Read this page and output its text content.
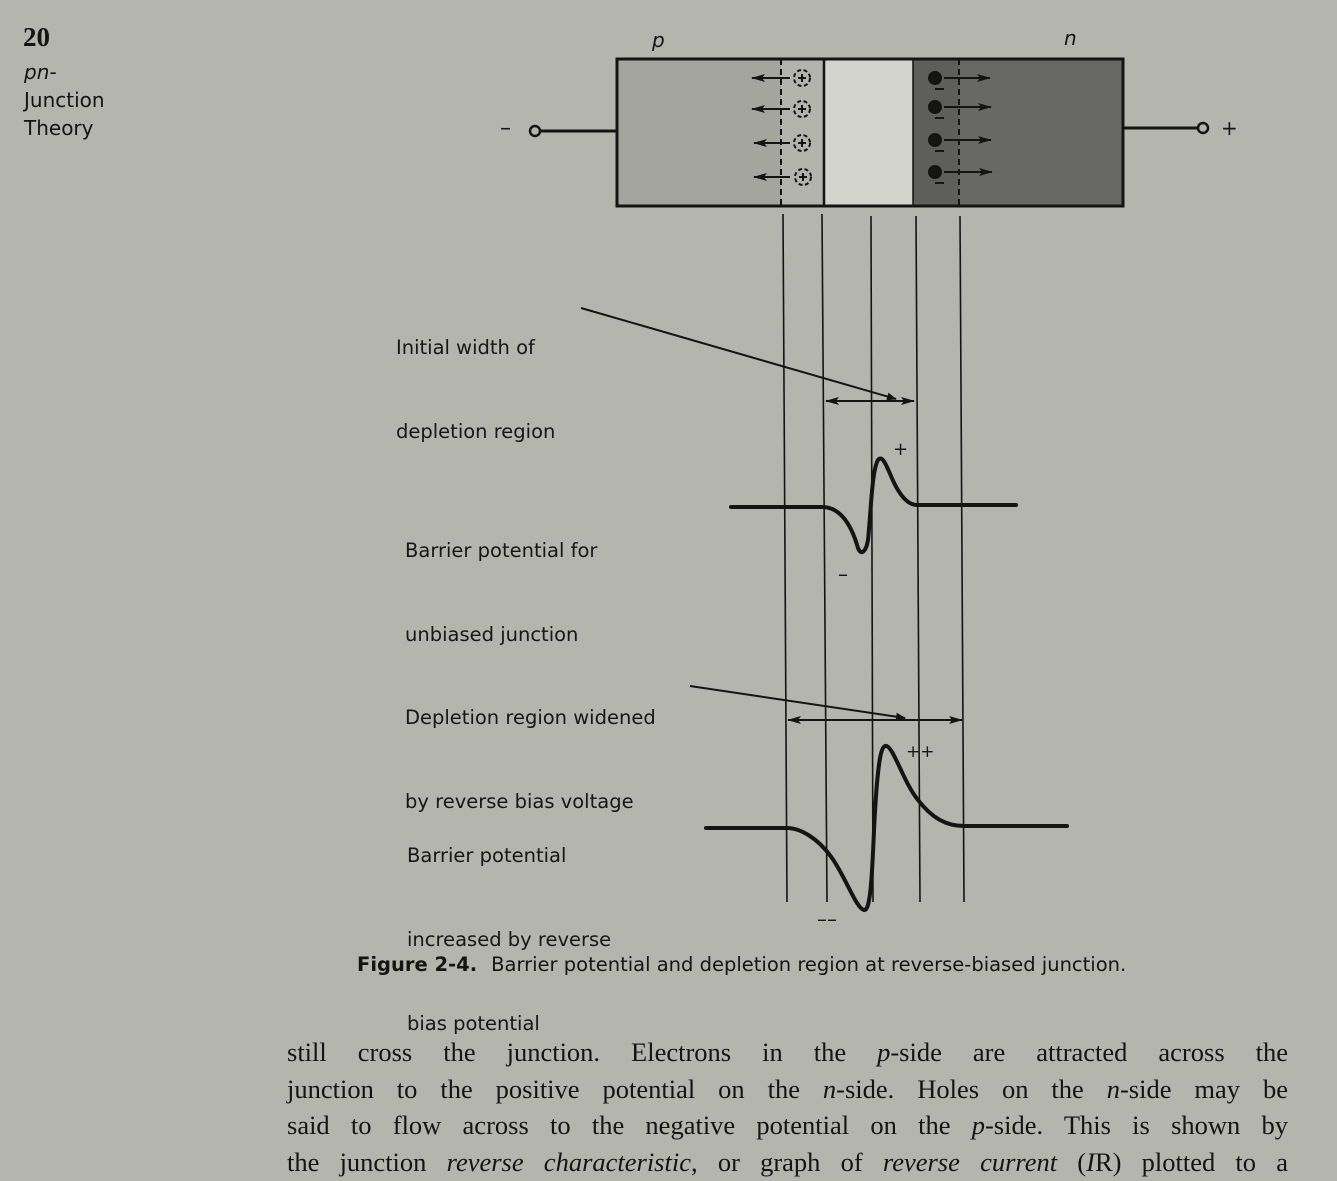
20
pn-
Junction
Theory
p	n
–	+

Initial width of

depletion region

Barrier potential for

unbiased junction

Depletion region widened

by reverse bias voltage

Barrier potential

increased by reverse

bias potential

+
–
++
––
Figure 2-4. Barrier potential and depletion region at reverse-biased junction.
still cross the junction. Electrons in the p-side are attracted across the
junction to the positive potential on the n-side. Holes on the n-side may be
said to flow across to the negative potential on the p-side. This is shown by
the junction reverse characteristic, or graph of reverse current (IR) plotted to a
